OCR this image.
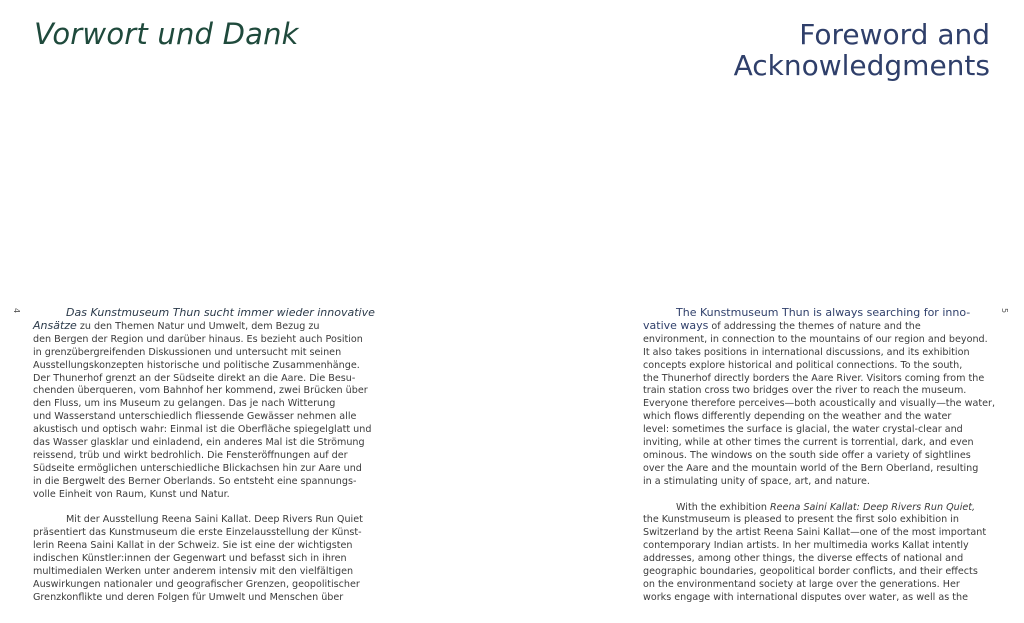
Vorwort und Dank
4	Das Kunstmuseum Thun sucht immer wieder innovative
Ansätze zu den Themen Natur und Umwelt, dem Bezug zu
den Bergen der Region und darüber hinaus. Es bezieht auch Position
in grenzübergreifenden Diskussionen und untersucht mit seinen
Ausstellungskonzepten historische und politische Zusammenhänge.
Der Thunerhof grenzt an der Südseite direkt an die Aare. Die Besu-
chenden überqueren, vom Bahnhof her kommend, zwei Brücken über
den Fluss, um ins Museum zu gelangen. Das je nach Witterung
und Wasserstand unterschiedlich fliessende Gewässer nehmen alle
akustisch und optisch wahr: Einmal ist die Oberfläche spiegelglatt und
das Wasser glasklar und einladend, ein anderes Mal ist die Strömung
reissend, trüb und wirkt bedrohlich. Die Fensteröffnungen auf der
Südseite ermöglichen unterschiedliche Blickachsen hin zur Aare und
in die Bergwelt des Berner Oberlands. So entsteht eine spannungs-
volle Einheit von Raum, Kunst und Natur.

Mit der Ausstellung Reena Saini Kallat. Deep Rivers Run Quiet
präsentiert das Kunstmuseum die erste Einzelausstellung der Künst-
lerin Reena Saini Kallat in der Schweiz. Sie ist eine der wichtigsten
indischen Künstler:innen der Gegenwart und befasst sich in ihren
multimedialen Werken unter anderem intensiv mit den vielfältigen
Auswirkungen nationaler und geografischer Grenzen, geopolitischer
Grenzkonflikte und deren Folgen für Umwelt und Menschen über

Foreword and
Acknowledgments
5

The Kunstmuseum Thun is always searching for inno-
vative ways of addressing the themes of nature and the
environment, in connection to the mountains of our region and beyond.
It also takes positions in international discussions, and its exhibition
concepts explore historical and political connections. To the south,
the Thunerhof directly borders the Aare River. Visitors coming from the
train station cross two bridges over the river to reach the museum.
Everyone therefore perceives—both acoustically and visually—the water,
which flows differently depending on the weather and the water
level: sometimes the surface is glacial, the water crystal-clear and
inviting, while at other times the current is torrential, dark, and even
ominous. The windows on the south side offer a variety of sightlines
over the Aare and the mountain world of the Bern Oberland, resulting
in a stimulating unity of space, art, and nature.

With the exhibition Reena Saini Kallat: Deep Rivers Run Quiet,
the Kunstmuseum is pleased to present the first solo exhibition in
Switzerland by the artist Reena Saini Kallat—one of the most important
contemporary Indian artists. In her multimedia works Kallat intently
addresses, among other things, the diverse effects of national and
geographic boundaries, geopolitical border conflicts, and their effects
on the environmentand society at large over the generations. Her
works engage with international disputes over water, as well as the
